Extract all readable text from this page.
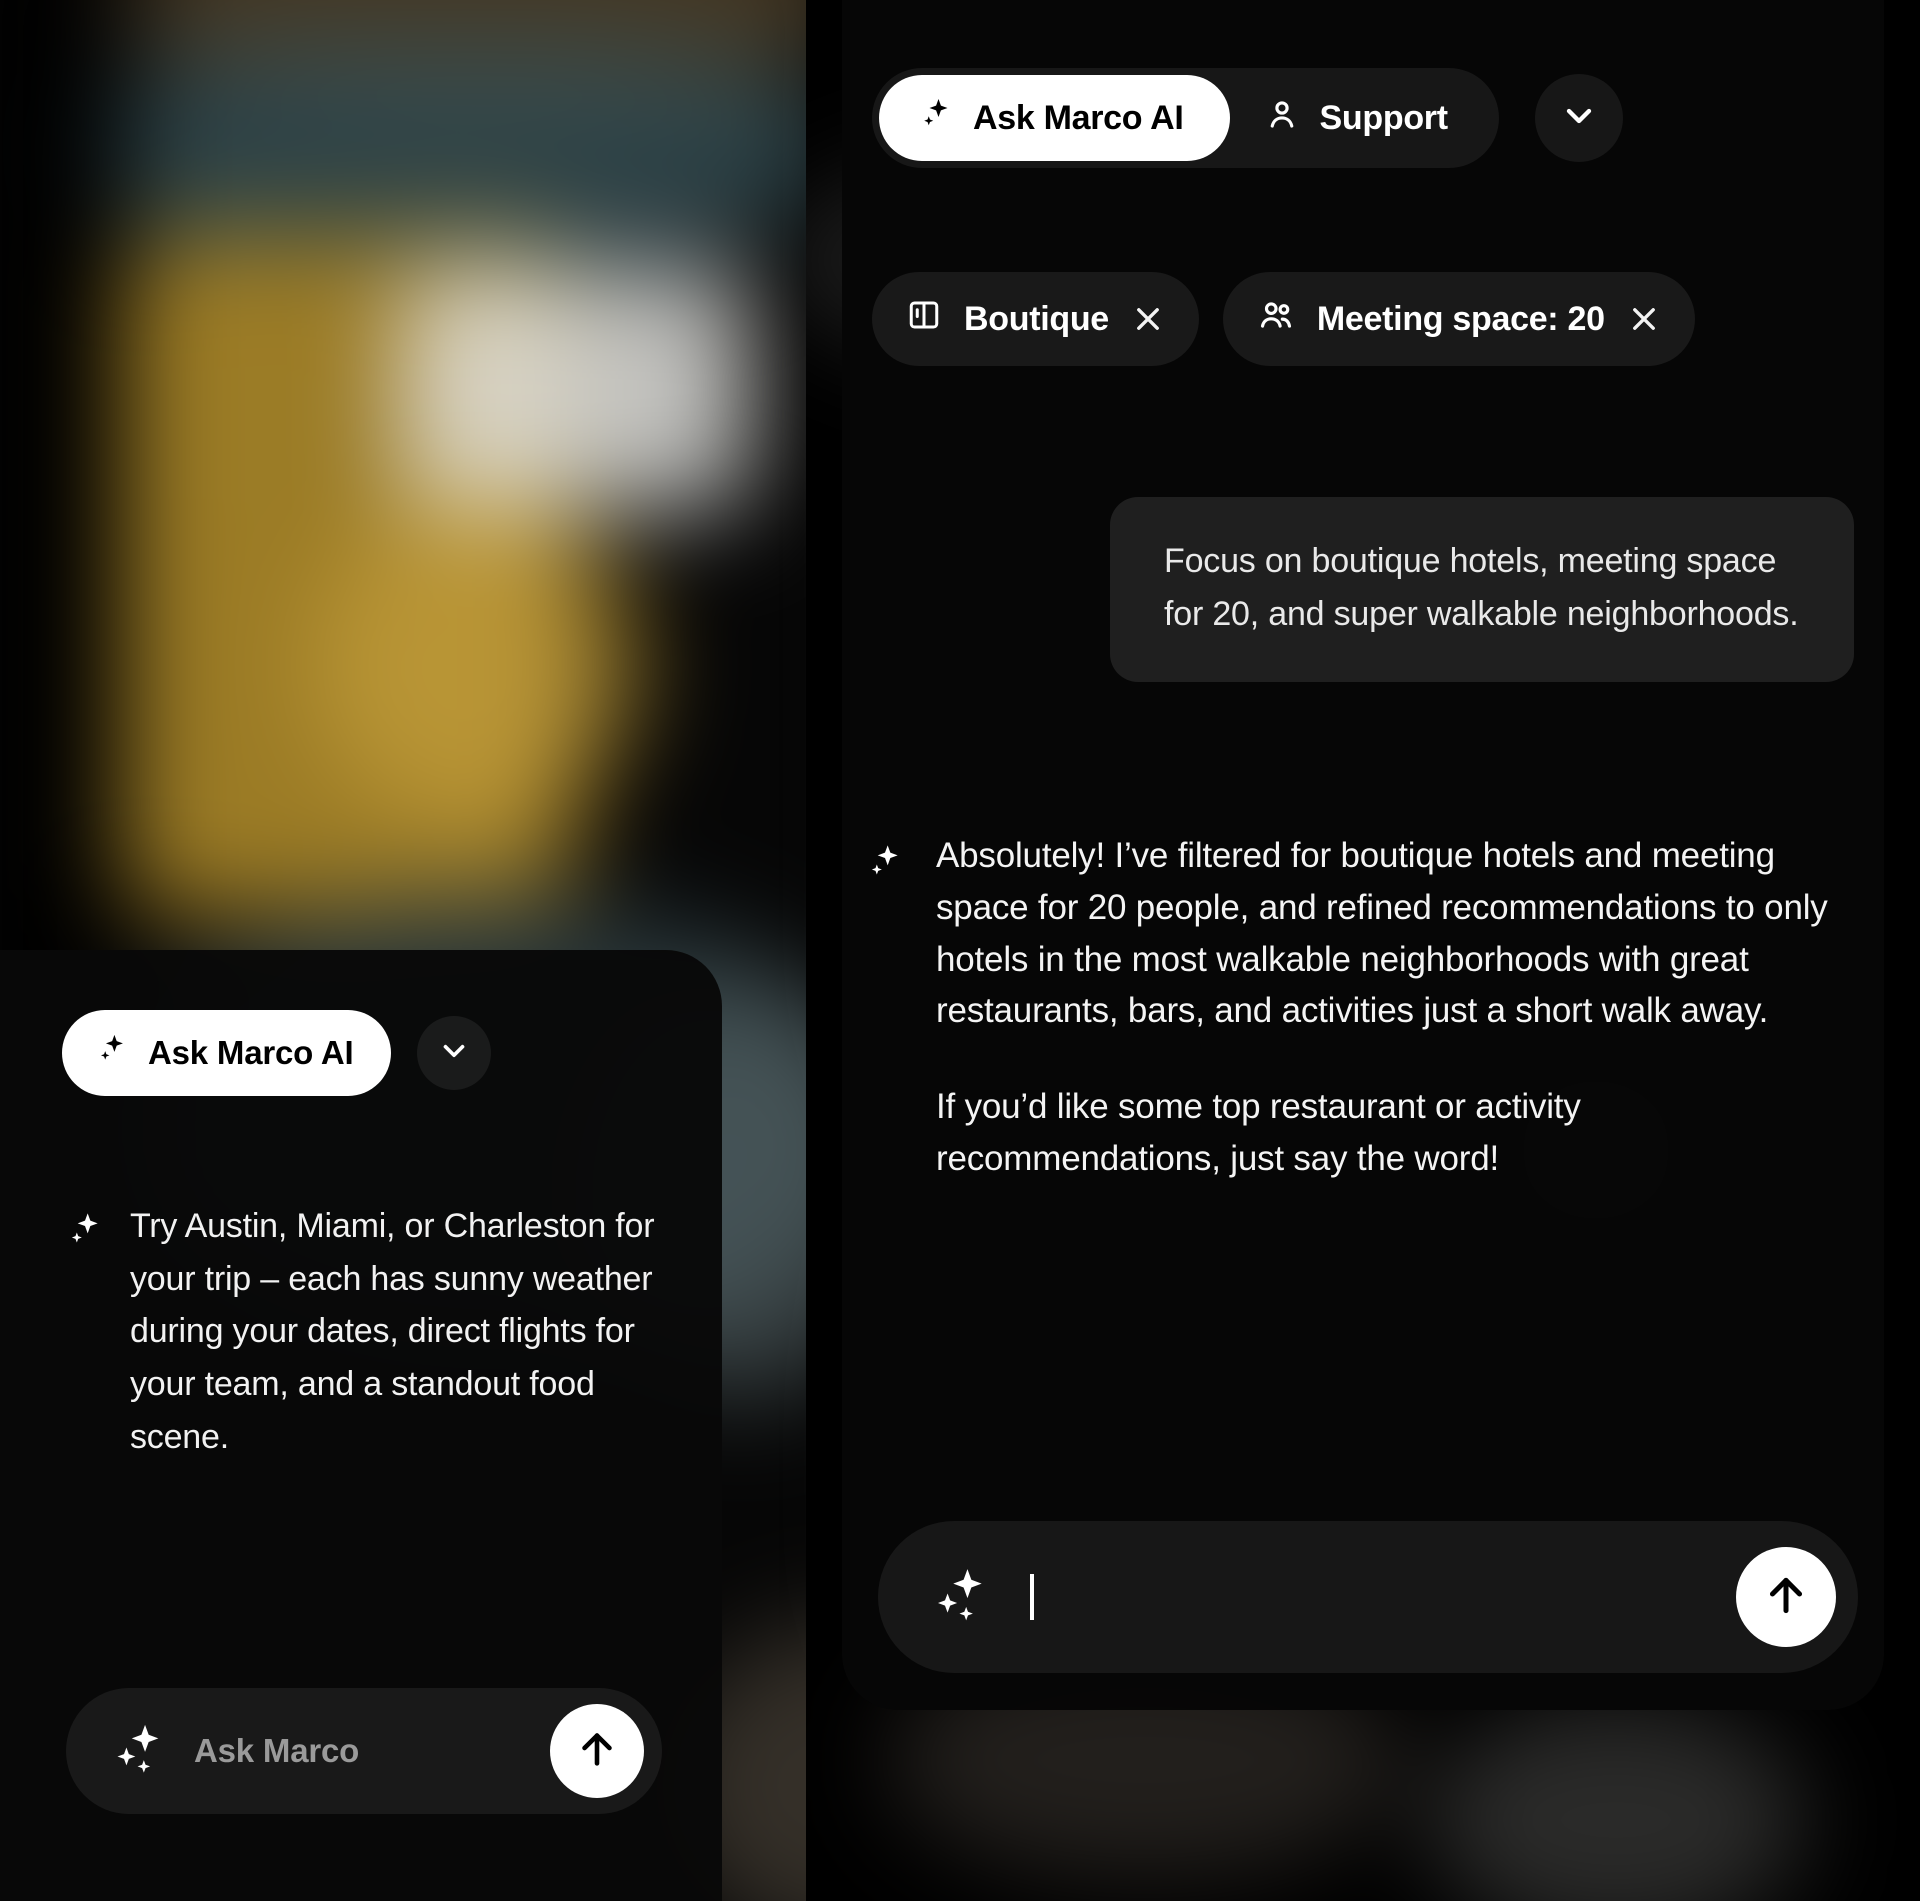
Ask Marco AI
Try Austin, Miami, or Charleston for your trip – each has sunny weather during your dates, direct flights for your team, and a standout food scene.
Ask Marco
Ask Marco AI	Support
Boutique	Meeting space: 20
Focus on boutique hotels, meeting space for 20, and super walkable neighborhoods.
Absolutely! I’ve filtered for boutique hotels and meeting space for 20 people, and refined recommendations to only hotels in the most walkable neighborhoods with great restaurants, bars, and activities just a short walk away.
If you’d like some top restaurant or activity recommendations, just say the word!
